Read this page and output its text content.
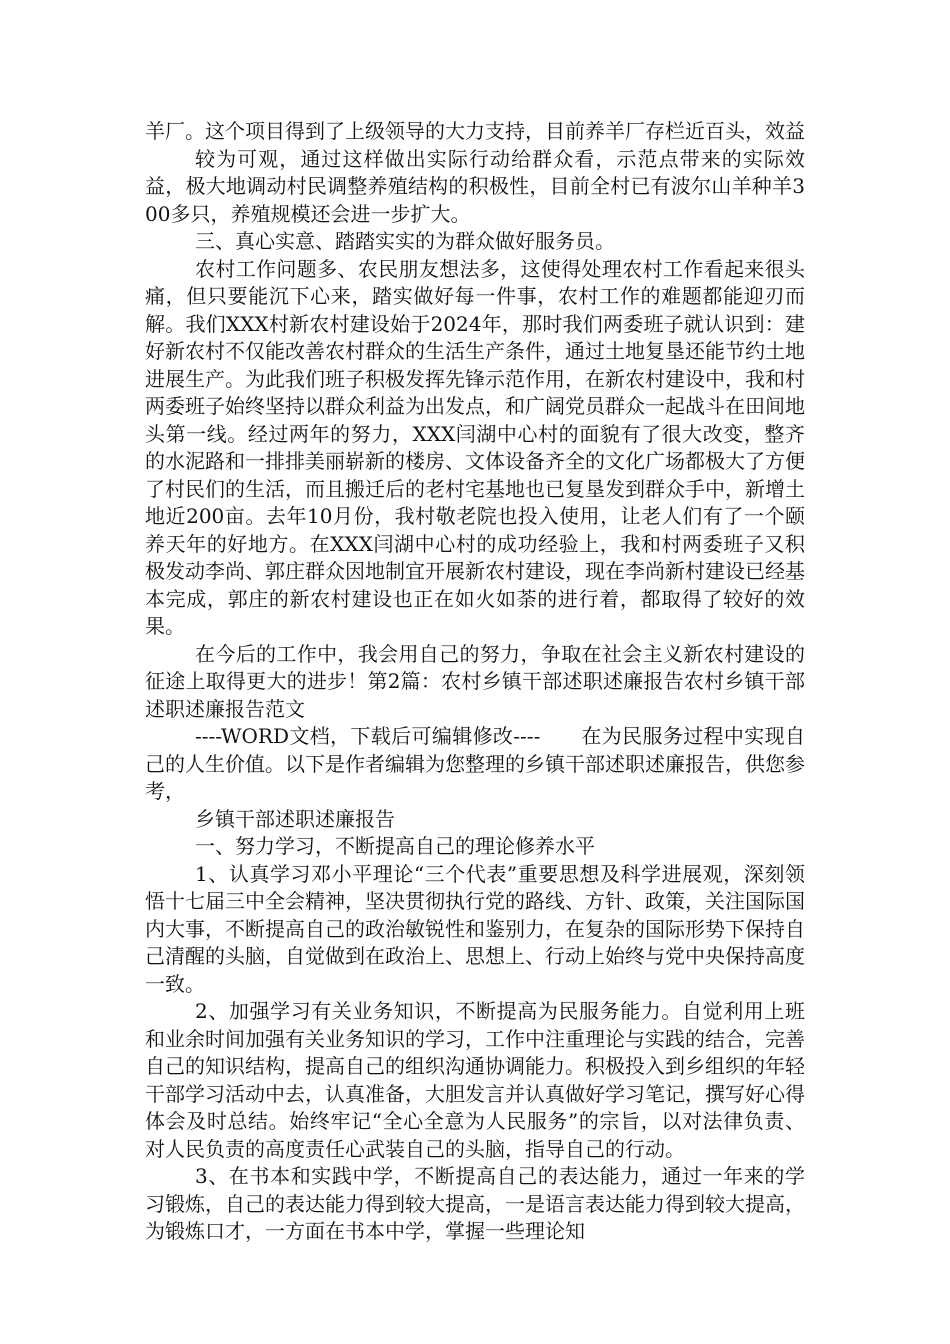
羊厂。这个项目得到了上级领导的大力支持，目前养羊厂存栏近百头，效益

较为可观，通过这样做出实际行动给群众看，示范点带来的实际效益，极大地调动村民调整养殖结构的积极性，目前全村已有波尔山羊种羊300多只，养殖规模还会进一步扩大。

三、真心实意、踏踏实实的为群众做好服务员。

农村工作问题多、农民朋友想法多，这使得处理农村工作看起来很头痛，但只要能沉下心来，踏实做好每一件事，农村工作的难题都能迎刃而解。我们XXX村新农村建设始于2024年，那时我们两委班子就认识到：建好新农村不仅能改善农村群众的生活生产条件，通过土地复垦还能节约土地进展生产。为此我们班子积极发挥先锋示范作用，在新农村建设中，我和村两委班子始终坚持以群众利益为出发点，和广阔党员群众一起战斗在田间地头第一线。经过两年的努力，XXX闫湖中心村的面貌有了很大改变，整齐的水泥路和一排排美丽崭新的楼房、文体设备齐全的文化广场都极大了方便了村民们的生活，而且搬迁后的老村宅基地也已复垦发到群众手中，新增土地近200亩。去年10月份，我村敬老院也投入使用，让老人们有了一个颐养天年的好地方。在XXX闫湖中心村的成功经验上，我和村两委班子又积极发动李尚、郭庄群众因地制宜开展新农村建设，现在李尚新村建设已经基本完成，郭庄的新农村建设也正在如火如荼的进行着，都取得了较好的效果。

在今后的工作中，我会用自己的努力，争取在社会主义新农村建设的征途上取得更大的进步！第2篇：农村乡镇干部述职述廉报告农村乡镇干部述职述廉报告范文

----WORD文档，下载后可编辑修改----　　在为民服务过程中实现自己的人生价值。以下是作者编辑为您整理的乡镇干部述职述廉报告，供您参考，

乡镇干部述职述廉报告

一、努力学习，不断提高自己的理论修养水平

1、认真学习邓小平理论“三个代表”重要思想及科学进展观，深刻领悟十七届三中全会精神，坚决贯彻执行党的路线、方针、政策，关注国际国内大事，不断提高自己的政治敏锐性和鉴别力，在复杂的国际形势下保持自己清醒的头脑，自觉做到在政治上、思想上、行动上始终与党中央保持高度一致。

2、加强学习有关业务知识，不断提高为民服务能力。自觉利用上班和业余时间加强有关业务知识的学习，工作中注重理论与实践的结合，完善自己的知识结构，提高自己的组织沟通协调能力。积极投入到乡组织的年轻干部学习活动中去，认真准备，大胆发言并认真做好学习笔记，撰写好心得体会及时总结。始终牢记“全心全意为人民服务”的宗旨，以对法律负责、对人民负责的高度责任心武装自己的头脑，指导自己的行动。

3、在书本和实践中学，不断提高自己的表达能力，通过一年来的学习锻炼，自己的表达能力得到较大提高，一是语言表达能力得到较大提高，为锻炼口才，一方面在书本中学，掌握一些理论知
